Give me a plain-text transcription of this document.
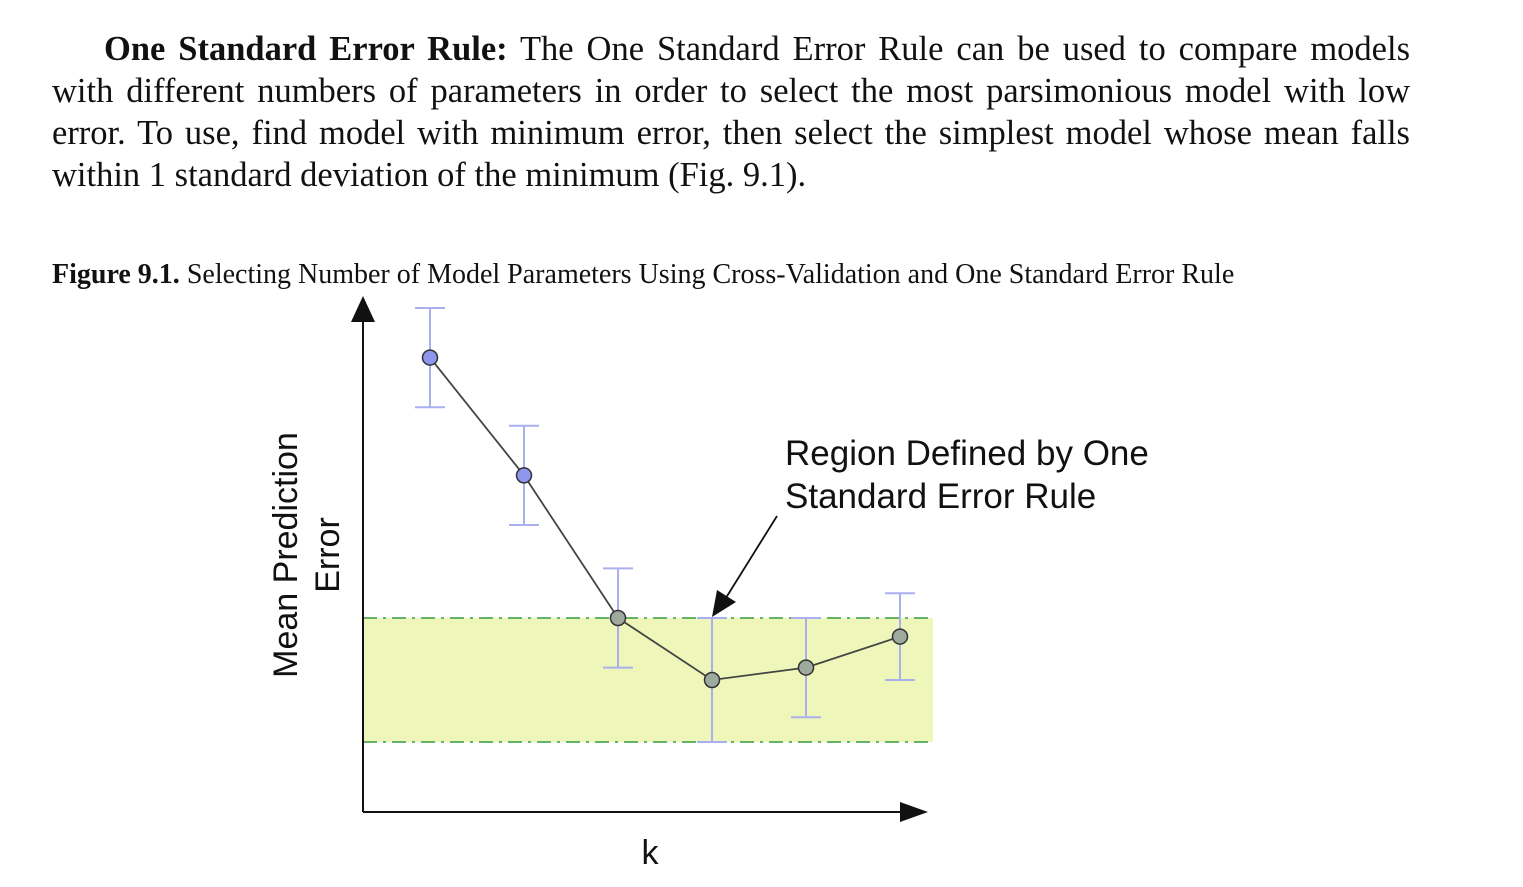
One Standard Error Rule: The One Standard Error Rule can be used to compare models with different numbers of parameters in order to select the most parsimonious model with low error. To use, find model with minimum error, then select the simplest model whose mean falls within 1 standard deviation of the minimum (Fig. 9.1).
Figure 9.1. Selecting Number of Model Parameters Using Cross-Validation and One Standard Error Rule
k
Mean Prediction Error
Region Defined by One
Standard Error Rule
